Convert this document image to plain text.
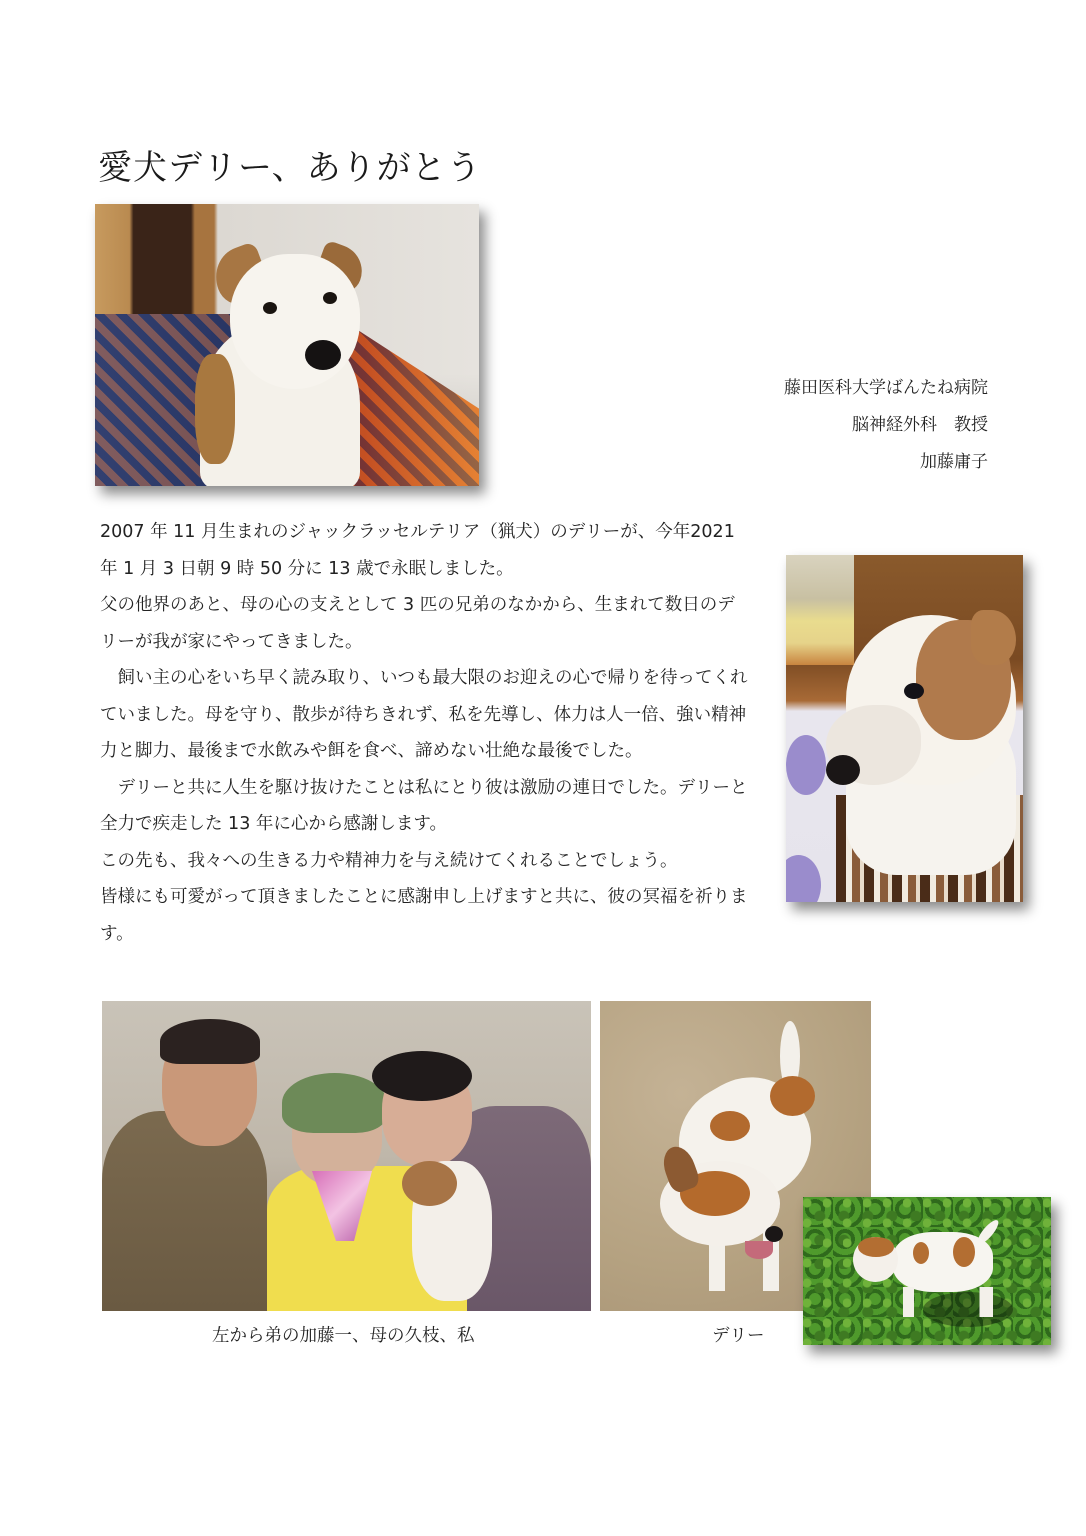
愛犬デリー、ありがとう
藤田医科大学ばんたね病院
脳神経外科　教授
加藤庸子

2007 年 11 月生まれのジャックラッセルテリア（猟犬）のデリーが、今年2021 年 1 月 3 日朝 9 時 50 分に 13 歳で永眠しました。

父の他界のあと、母の心の支えとして 3 匹の兄弟のなかから、生まれて数日のデリーが我が家にやってきました。

飼い主の心をいち早く読み取り、いつも最大限のお迎えの心で帰りを待ってくれていました。母を守り、散歩が待ちきれず、私を先導し、体力は人一倍、強い精神力と脚力、最後まで水飲みや餌を食べ、諦めない壮絶な最後でした。

デリーと共に人生を駆け抜けたことは私にとり彼は激励の連日でした。デリーと全力で疾走した 13 年に心から感謝します。

この先も、我々への生きる力や精神力を与え続けてくれることでしょう。

皆様にも可愛がって頂きましたことに感謝申し上げますと共に、彼の冥福を祈ります。

左から弟の加藤一、母の久枝、私	デリー
